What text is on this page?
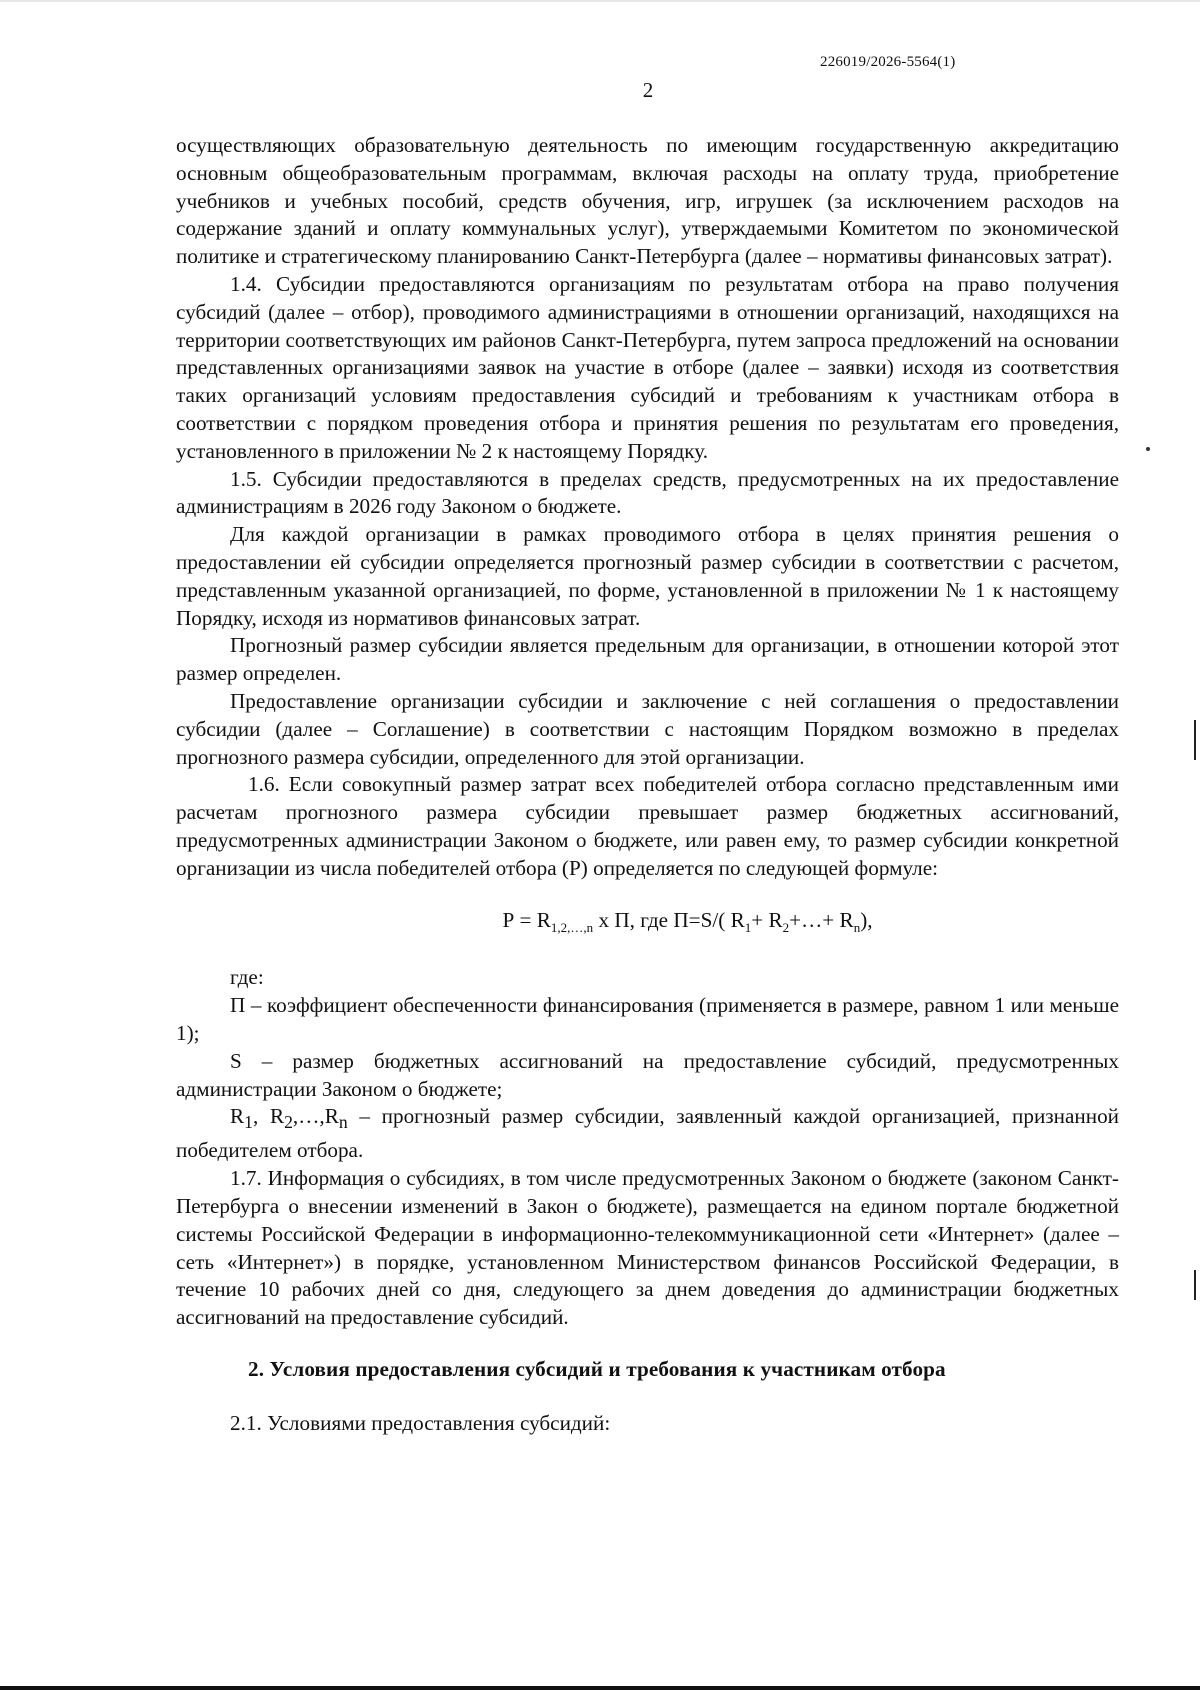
226019/2026-5564(1)
2

осуществляющих образовательную деятельность по имеющим государственную аккредитацию основным общеобразовательным программам, включая расходы на оплату труда, приобретение учебников и учебных пособий, средств обучения, игр, игрушек (за исключением расходов на содержание зданий и оплату коммунальных услуг), утверждаемыми Комитетом по экономической политике и стратегическому планированию Санкт-Петербурга (далее – нормативы финансовых затрат).

1.4. Субсидии предоставляются организациям по результатам отбора на право получения субсидий (далее – отбор), проводимого администрациями в отношении организаций, находящихся на территории соответствующих им районов Санкт-Петербурга, путем запроса предложений на основании представленных организациями заявок на участие в отборе (далее – заявки) исходя из соответствия таких организаций условиям предоставления субсидий и требованиям к участникам отбора в соответствии с порядком проведения отбора и принятия решения по результатам его проведения, установленного в приложении № 2 к настоящему Порядку.

1.5. Субсидии предоставляются в пределах средств, предусмотренных на их предоставление администрациям в 2026 году Законом о бюджете.

Для каждой организации в рамках проводимого отбора в целях принятия решения о предоставлении ей субсидии определяется прогнозный размер субсидии в соответствии с расчетом, представленным указанной организацией, по форме, установленной в приложении № 1 к настоящему Порядку, исходя из нормативов финансовых затрат.

Прогнозный размер субсидии является предельным для организации, в отношении которой этот размер определен.

Предоставление организации субсидии и заключение с ней соглашения о предоставлении субсидии (далее – Соглашение) в соответствии с настоящим Порядком возможно в пределах прогнозного размера субсидии, определенного для этой организации.

1.6. Если совокупный размер затрат всех победителей отбора согласно представленным ими расчетам прогнозного размера субсидии превышает размер бюджетных ассигнований, предусмотренных администрации Законом о бюджете, или равен ему, то размер субсидии конкретной организации из числа победителей отбора (Р) определяется по следующей формуле:

$Р = R_{1,2,\dots,n}$ х П, где П=S/( $R_1+$ $R_2+\dots+ R_n$),

где:

П – коэффициент обеспеченности финансирования (применяется в размере, равном 1 или меньше 1);

S – размер бюджетных ассигнований на предоставление субсидий, предусмотренных администрации Законом о бюджете;

$R_1$, $R_2,\dots,R_n$ – прогнозный размер субсидии, заявленный каждой организацией, признанной победителем отбора.

1.7. Информация о субсидиях, в том числе предусмотренных Законом о бюджете (законом Санкт-Петербурга о внесении изменений в Закон о бюджете), размещается на едином портале бюджетной системы Российской Федерации в информационно-телекоммуникационной сети «Интернет» (далее – сеть «Интернет») в порядке, установленном Министерством финансов Российской Федерации, в течение 10 рабочих дней со дня, следующего за днем доведения до администрации бюджетных ассигнований на предоставление субсидий.

2. Условия предоставления субсидий и требования к участникам отбора

2.1. Условиями предоставления субсидий:
